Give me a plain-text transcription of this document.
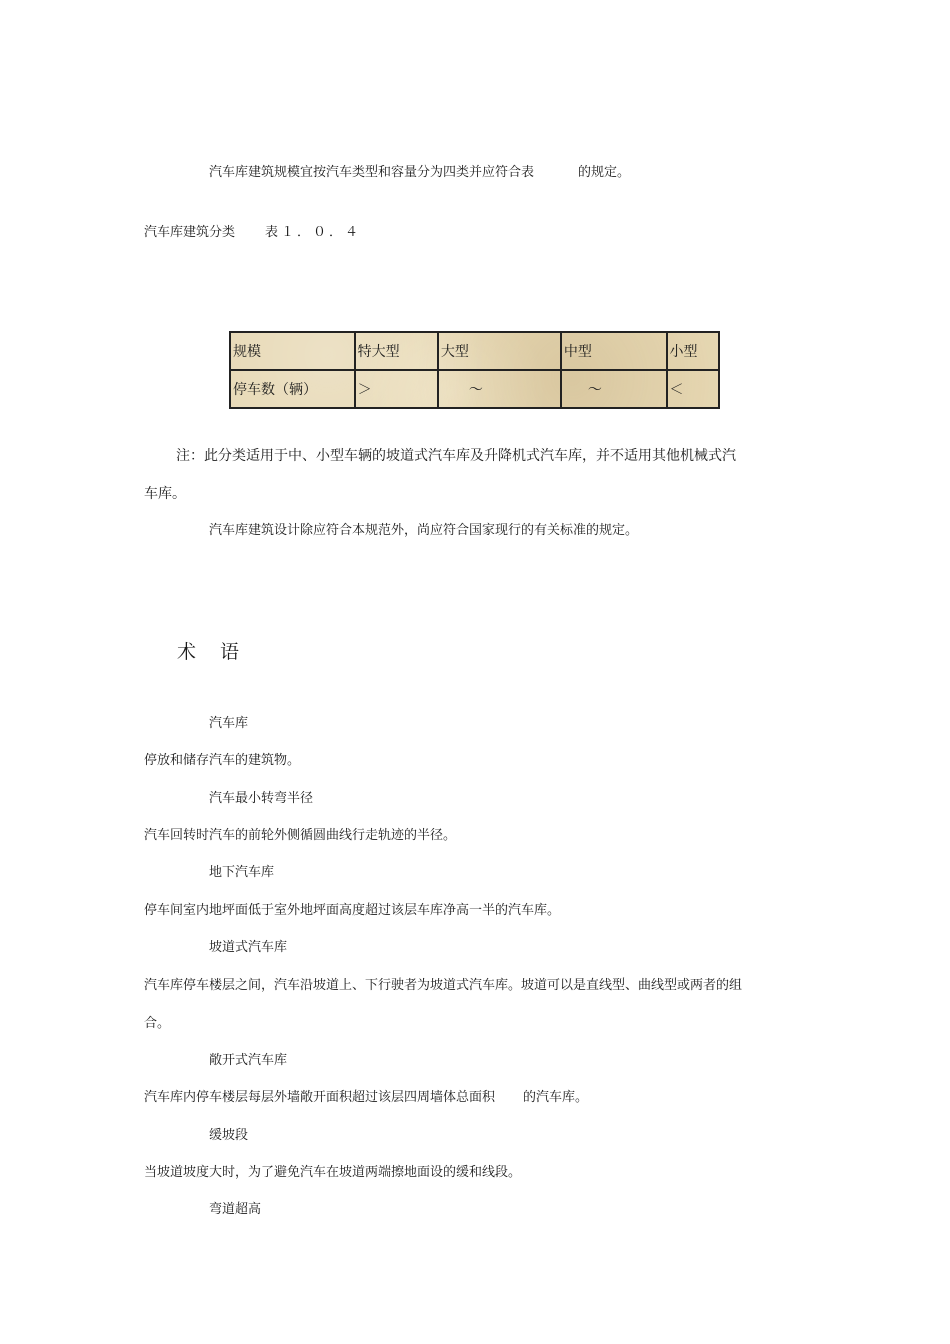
汽车库建筑规模宜按汽车类型和容量分为四类并应符合表	的规定。
汽车库建筑分类 表１．０．４
规模	特大型	大型	中型	小型
停车数（辆）	＞	～	～	＜
注：此分类适用于中、小型车辆的坡道式汽车库及升降机式汽车库，并不适用其他机械式汽
车库。
汽车库建筑设计除应符合本规范外，尚应符合国家现行的有关标准的规定。
术 语
汽车库
停放和储存汽车的建筑物。
汽车最小转弯半径
汽车回转时汽车的前轮外侧循圆曲线行走轨迹的半径。
地下汽车库
停车间室内地坪面低于室外地坪面高度超过该层车库净高一半的汽车库。
坡道式汽车库
汽车库停车楼层之间，汽车沿坡道上、下行驶者为坡道式汽车库。坡道可以是直线型、曲线型或两者的组
合。
敞开式汽车库
汽车库内停车楼层每层外墙敞开面积超过该层四周墙体总面积 的汽车库。
缓坡段
当坡道坡度大时，为了避免汽车在坡道两端擦地面设的缓和线段。
弯道超高
